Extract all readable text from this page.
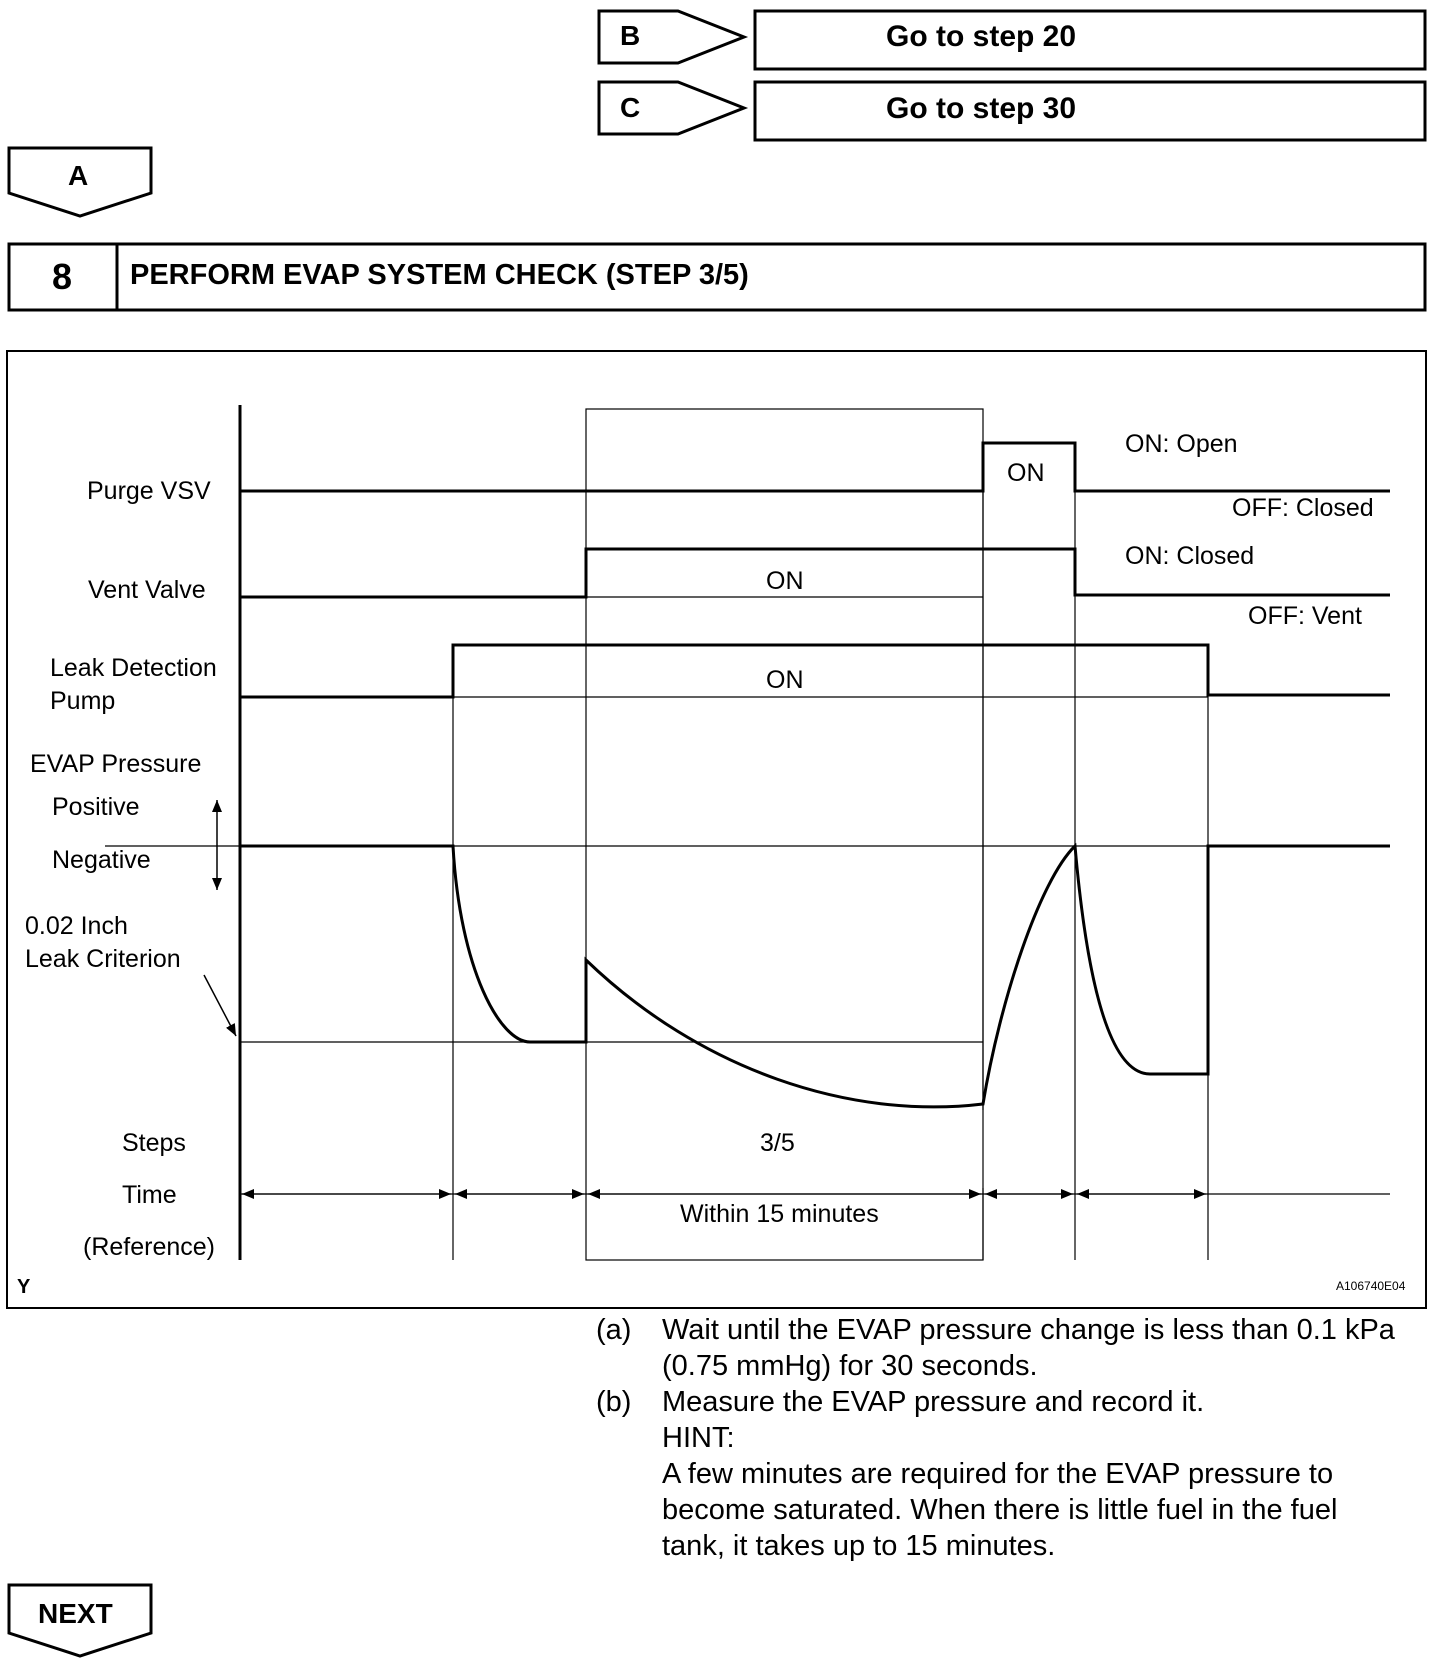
B	Go to step 20
C	Go to step 30
A
8 PERFORM EVAP SYSTEM CHECK (STEP 3/5)
Purge VSV
Vent Valve
Leak Detection
Pump
EVAP Pressure
Positive
Negative
0.02 Inch
Leak Criterion
Steps
Time
(Reference)
ON
ON: Open
OFF: Closed
ON
ON: Closed
OFF: Vent
ON
3/5
Within 15 minutes
Y	A106740E04
(a)	Wait until the EVAP pressure change is less than 0.1 kPa
(0.75 mmHg) for 30 seconds.
(b)	Measure the EVAP pressure and record it.
HINT:
A few minutes are required for the EVAP pressure to
become saturated. When there is little fuel in the fuel
tank, it takes up to 15 minutes.
NEXT
